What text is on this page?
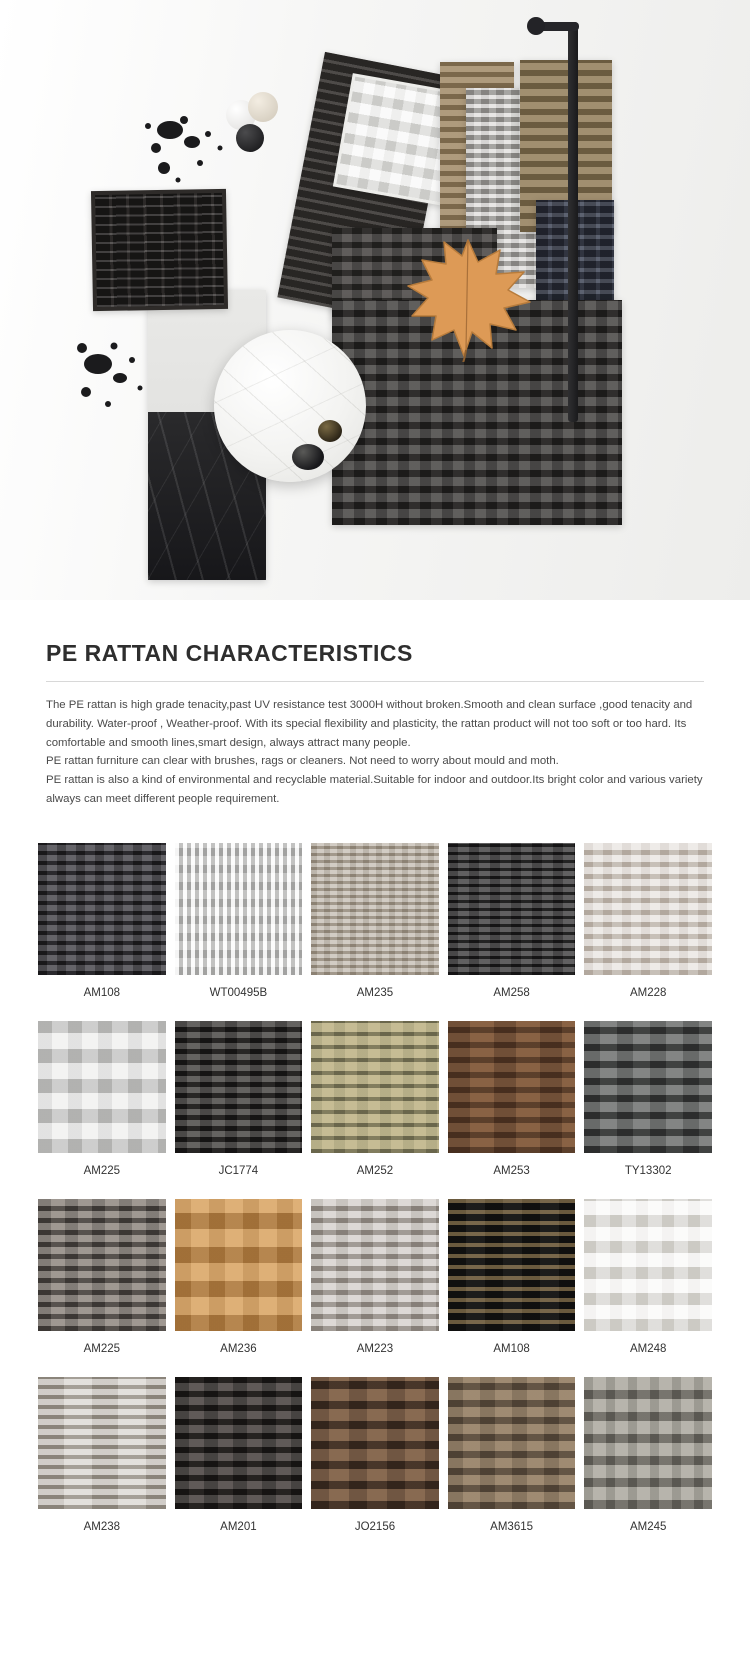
PE RATTAN CHARACTERISTICS

The PE rattan is high grade tenacity,past UV resistance test 3000H without broken.Smooth and clean surface ,good tenacity and durability. Water-proof , Weather-proof. With its special flexibility and plasticity, the rattan product will not too soft or too hard. Its comfortable and smooth lines,smart design, always attract many people.

PE rattan furniture can clear with brushes, rags or cleaners. Not need to worry about mould and moth.

PE rattan is also a kind of environmental and recyclable material.Suitable for indoor and outdoor.Its bright color and various variety always can meet different people requirement.

AM108	WT00495B	AM235	AM258	AM228
AM225	JC1774	AM252	AM253	TY13302
AM225	AM236	AM223	AM108	AM248
AM238	AM201	JO2156	AM3615	AM245
